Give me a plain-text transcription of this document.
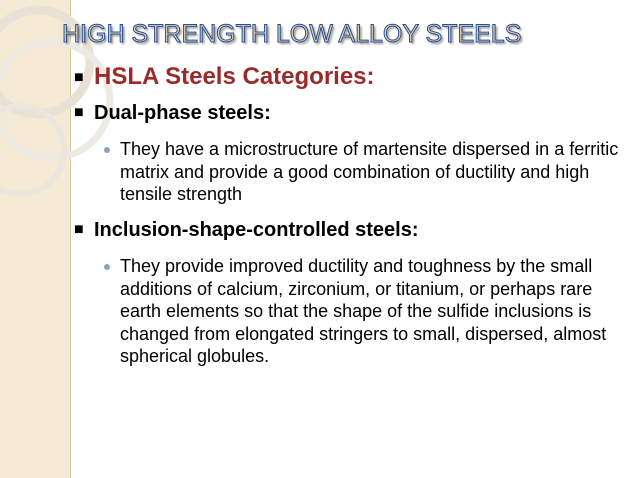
HIGH STRENGTH LOW ALLOY STEELS
■ HSLA Steels Categories:
■ Dual-phase steels:
They have a microstructure of martensite dispersed in a ferritic matrix and provide a good combination of ductility and high tensile strength
■ Inclusion-shape-controlled steels:
They provide improved ductility and toughness by the small additions of calcium, zirconium, or titanium, or perhaps rare earth elements so that the shape of the sulfide inclusions is changed from elongated stringers to small, dispersed, almost spherical globules.
